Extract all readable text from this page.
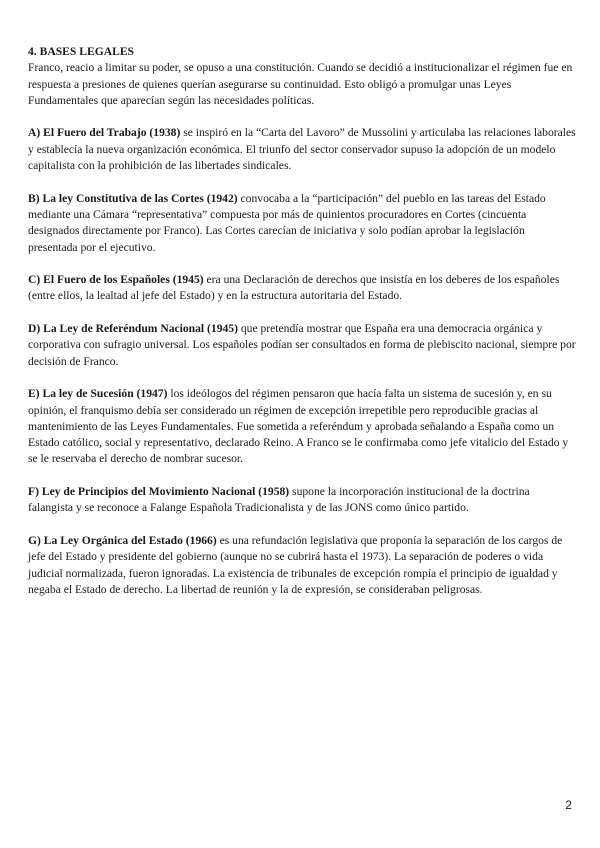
4. BASES LEGALES

Franco, reacio a limitar su poder, se opuso a una constitución. Cuando se decidió a institucionalizar el régimen fue en respuesta a presiones de quienes querían asegurarse su continuidad. Esto obligó a promulgar unas Leyes Fundamentales que aparecían según las necesidades políticas.

A) El Fuero del Trabajo (1938) se inspiró en la “Carta del Lavoro” de Mussolini y articulaba las relaciones laborales y establecía la nueva organización económica. El triunfo del sector conservador supuso la adopción de un modelo capitalista con la prohibición de las libertades sindicales.

B) La ley Constitutiva de las Cortes (1942) convocaba a la “participación” del pueblo en las tareas del Estado mediante una Cámara “representativa” compuesta por más de quinientos procuradores en Cortes (cincuenta designados directamente por Franco). Las Cortes carecían de iniciativa y solo podían aprobar la legislación presentada por el ejecutivo.

C) El Fuero de los Españoles (1945) era una Declaración de derechos que insistía en los deberes de los españoles (entre ellos, la lealtad al jefe del Estado) y en la estructura autoritaria del Estado.

D) La Ley de Referéndum Nacional (1945) que pretendía mostrar que España era una democracia orgánica y corporativa con sufragio universal. Los españoles podían ser consultados en forma de plebiscito nacional, siempre por decisión de Franco.

E) La ley de Sucesión (1947) los ideólogos del régimen pensaron que hacía falta un sistema de sucesión y, en su opinión, el franquismo debía ser considerado un régimen de excepción irrepetible pero reproducible gracias al mantenimiento de las Leyes Fundamentales. Fue sometida a referéndum y aprobada señalando a España como un Estado católico, social y representativo, declarado Reino. A Franco se le confirmaba como jefe vitalicio del Estado y se le reservaba el derecho de nombrar sucesor.

F) Ley de Principios del Movimiento Nacional (1958) supone la incorporación institucional de la doctrina falangista y se reconoce a Falange Española Tradicionalista y de las JONS como único partido.

G) La Ley Orgánica del Estado (1966) es una refundación legislativa que proponía la separación de los cargos de jefe del Estado y presidente del gobierno (aunque no se cubrirá hasta el 1973). La separación de poderes o vida judicial normalizada, fueron ignoradas. La existencia de tribunales de excepción rompía el principio de igualdad y negaba el Estado de derecho. La libertad de reunión y la de expresión, se consideraban peligrosas.

2
